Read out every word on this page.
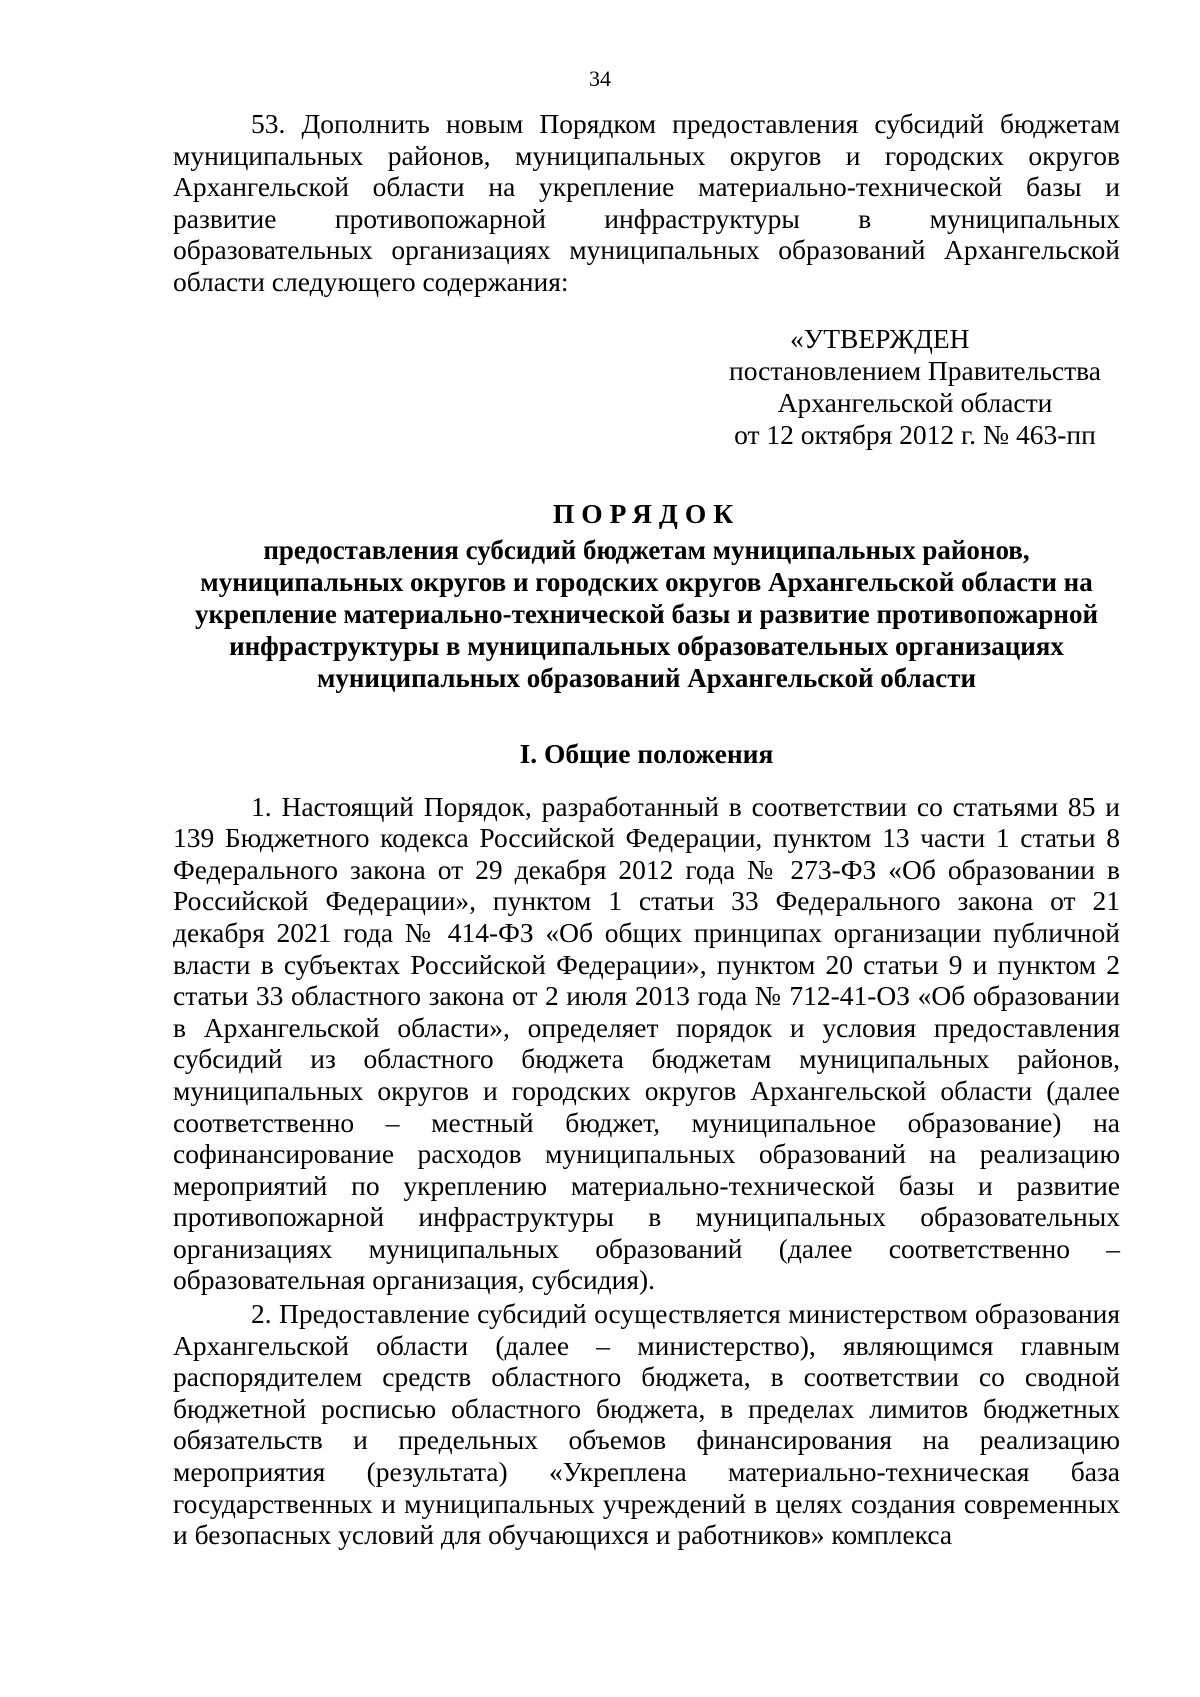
34

53. Дополнить новым Порядком предоставления субсидий бюджетам муниципальных районов, муниципальных округов и городских округов Архангельской области на укрепление материально-технической базы и развитие противопожарной инфраструктуры в муниципальных образовательных организациях муниципальных образований Архангельской области следующего содержания:

«УТВЕРЖДЕН
постановлением Правительства
Архангельской области
от 12 октября 2012 г. № 463-пп
ПОРЯДОК
предоставления субсидий бюджетам муниципальных районов, муниципальных округов и городских округов Архангельской области на укрепление материально-технической базы и развитие противопожарной инфраструктуры в муниципальных образовательных организациях муниципальных образований Архангельской области
I. Общие положения

1. Настоящий Порядок, разработанный в соответствии со статьями 85 и 139 Бюджетного кодекса Российской Федерации, пунктом 13 части 1 статьи 8 Федерального закона от 29 декабря 2012 года № 273-ФЗ «Об образовании в Российской Федерации», пунктом 1 статьи 33 Федерального закона от 21 декабря 2021 года № 414-ФЗ «Об общих принципах организации публичной власти в субъектах Российской Федерации», пунктом 20 статьи 9 и пунктом 2 статьи 33 областного закона от 2 июля 2013 года № 712-41-ОЗ «Об образовании в Архангельской области», определяет порядок и условия предоставления субсидий из областного бюджета бюджетам муниципальных районов, муниципальных округов и городских округов Архангельской области (далее соответственно – местный бюджет, муниципальное образование) на софинансирование расходов муниципальных образований на реализацию мероприятий по укреплению материально-технической базы и развитие противопожарной инфраструктуры в муниципальных образовательных организациях муниципальных образований (далее соответственно – образовательная организация, субсидия).

2. Предоставление субсидий осуществляется министерством образования Архангельской области (далее – министерство), являющимся главным распорядителем средств областного бюджета, в соответствии со сводной бюджетной росписью областного бюджета, в пределах лимитов бюджетных обязательств и предельных объемов финансирования на реализацию мероприятия (результата) «Укреплена материально-техническая база государственных и муниципальных учреждений в целях создания современных и безопасных условий для обучающихся и работников» комплекса
